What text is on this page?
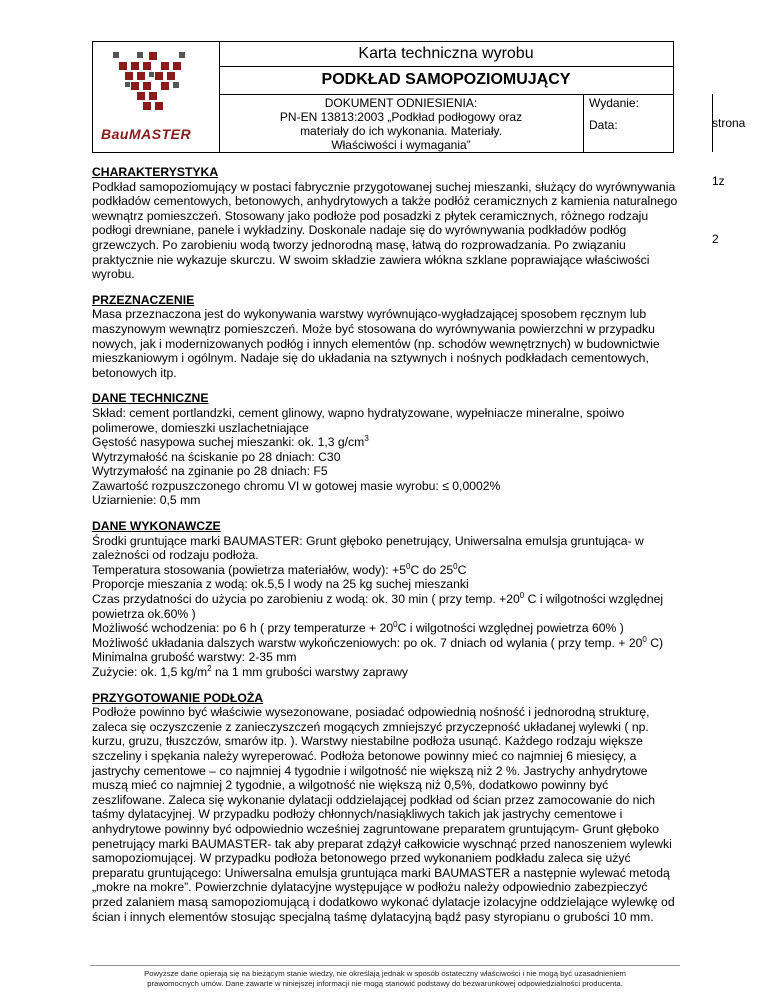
BauMASTER
Karta techniczna wyrobu
PODKŁAD SAMOPOZIOMUJĄCY
DOKUMENT ODNIESIENIA:
PN-EN 13813:2003 „Podkład podłogowy oraz
materiały do ich wykonania. Materiały.
Właściwości i wymagania”
Wydanie:
Data:	strona 1z 2
CHARAKTERYSTYKA

Podkład samopoziomujący w postaci fabrycznie przygotowanej suchej mieszanki, służący do wyrównywania

podkładów cementowych, betonowych, anhydrytowych a także podłóż ceramicznych z kamienia naturalnego

wewnątrz pomieszczeń. Stosowany jako podłoże pod posadzki z płytek ceramicznych, różnego rodzaju

podłogi drewniane, panele i wykładziny. Doskonale nadaje się do wyrównywania podkładów podłóg

grzewczych. Po zarobieniu wodą tworzy jednorodną masę, łatwą do rozprowadzania. Po związaniu

praktycznie nie wykazuje skurczu. W swoim składzie zawiera włókna szklane poprawiające właściwości

wyrobu.

PRZEZNACZENIE

Masa przeznaczona jest do wykonywania warstwy wyrównująco-wygładzającej sposobem ręcznym lub

maszynowym wewnątrz pomieszczeń. Może być stosowana do wyrównywania powierzchni w przypadku

nowych, jak i modernizowanych podłóg i innych elementów (np. schodów wewnętrznych) w budownictwie

mieszkaniowym i ogólnym. Nadaje się do układania na sztywnych i nośnych podkładach cementowych,

betonowych itp.

DANE TECHNICZNE

Skład: cement portlandzki, cement glinowy, wapno hydratyzowane, wypełniacze mineralne, spoiwo

polimerowe, domieszki uszlachetniające

Gęstość nasypowa suchej mieszanki: ok. 1,3 $g/cm^3$

Wytrzymałość na ściskanie po 28 dniach: C30

Wytrzymałość na zginanie po 28 dniach: F5

Zawartość rozpuszczonego chromu VI w gotowej masie wyrobu: ≤ 0,0002%

Uziarnienie: 0,5 mm

DANE WYKONAWCZE

Środki gruntujące marki BAUMASTER: Grunt głęboko penetrujący, Uniwersalna emulsja gruntująca- w

zależności od rodzaju podłoża.

Temperatura stosowania (powietrza materiałów, wody): $+5^0C$ do $25^0C$

Proporcje mieszania z wodą: ok.5,5 l wody na 25 kg suchej mieszanki

Czas przydatności do użycia po zarobieniu z wodą: ok. 30 min ( przy temp. $+20^0$ C i wilgotności względnej

powietrza ok.60% )

Możliwość wchodzenia: po 6 h ( przy temperaturze + $20^0C$ i wilgotności względnej powietrza 60% )

Możliwość układania dalszych warstw wykończeniowych: po ok. 7 dniach od wylania ( przy temp. + $20^0$ C)

Minimalna grubość warstwy: 2-35 mm

Zużycie: ok. 1,5 $kg/m^2$ na 1 mm grubości warstwy zaprawy

PRZYGOTOWANIE PODŁOŻA

Podłoże powinno być właściwie wysezonowane, posiadać odpowiednią nośność i jednorodną strukturę,

zaleca się oczyszczenie z zanieczyszczeń mogących zmniejszyć przyczepność układanej wylewki ( np.

kurzu, gruzu, tłuszczów, smarów itp. ). Warstwy niestabilne podłoża usunąć. Każdego rodzaju większe

szczeliny i spękania należy wyreperować. Podłoża betonowe powinny mieć co najmniej 6 miesięcy, a

jastrychy cementowe – co najmniej 4 tygodnie i wilgotność nie większą niż 2 %. Jastrychy anhydrytowe

muszą mieć co najmniej 2 tygodnie, a wilgotność nie większą niż 0,5%, dodatkowo powinny być

zeszlifowane. Zaleca się wykonanie dylatacji oddzielającej podkład od ścian przez zamocowanie do nich

taśmy dylatacyjnej. W przypadku podłoży chłonnych/nasiąkliwych takich jak jastrychy cementowe i

anhydrytowe powinny być odpowiednio wcześniej zagruntowane preparatem gruntującym- Grunt głęboko

penetrujący marki BAUMASTER- tak aby preparat zdążył całkowicie wyschnąć przed nanoszeniem wylewki

samopoziomującej. W przypadku podłoża betonowego przed wykonaniem podkładu zaleca się użyć

preparatu gruntującego: Uniwersalna emulsja gruntująca marki BAUMASTER a następnie wylewać metodą

„mokre na mokre”. Powierzchnie dylatacyjne występujące w podłożu należy odpowiednio zabezpieczyć

przed zalaniem masą samopoziomującą i dodatkowo wykonać dylatacje izolacyjne oddzielające wylewkę od

ścian i innych elementów stosując specjalną taśmę dylatacyjną bądź pasy styropianu o grubości 10 mm.

Powyższe dane opierają się na bieżącym stanie wiedzy, nie określają jednak w sposób ostateczny właściwości i nie mogą być uzasadnieniem
prawomocnych umów. Dane zawarte w niniejszej informacji nie mogą stanowić podstawy do bezwarunkowej odpowiedzialności producenta.
